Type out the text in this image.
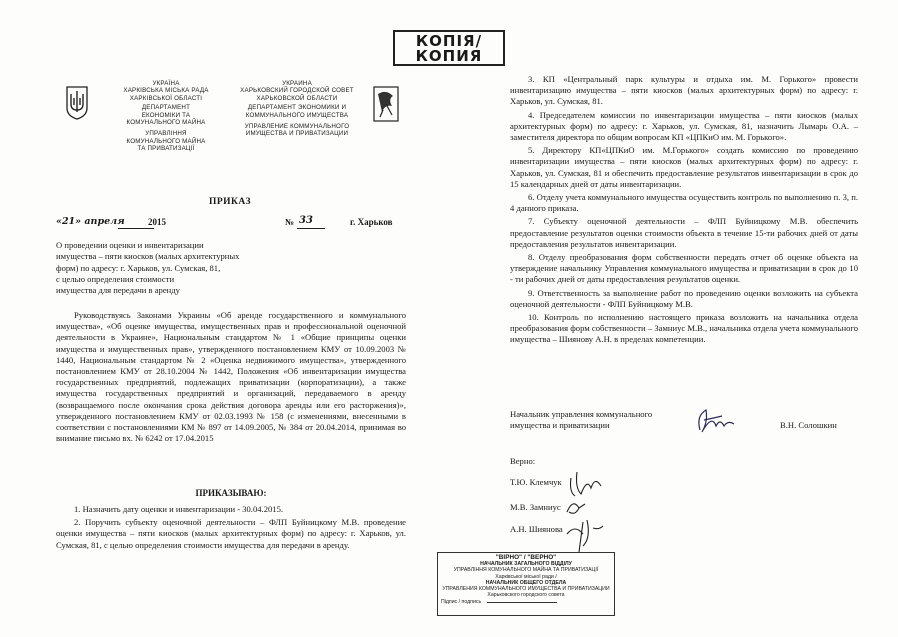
КОПІЯ/
КОПИЯ
УКРАЇНА
ХАРКІВСЬКА МІСЬКА РАДА
ХАРКІВСЬКОЇ ОБЛАСТІ
ДЕПАРТАМЕНТ
ЕКОНОМІКИ ТА
КОМУНАЛЬНОГО МАЙНА
УПРАВЛІННЯ
КОМУНАЛЬНОГО МАЙНА
ТА ПРИВАТИЗАЦІЇ
УКРАИНА
ХАРЬКОВСКИЙ ГОРОДСКОЙ СОВЕТ
ХАРЬКОВСКОЙ ОБЛАСТИ
ДЕПАРТАМЕНТ ЭКОНОМИКИ И
КОММУНАЛЬНОГО ИМУЩЕСТВА
УПРАВЛЕНИЕ КОММУНАЛЬНОГО
ИМУЩЕСТВА И ПРИВАТИЗАЦИИ
ПРИКАЗ
«21» апреля	2015	№ 33	г. Харьков
О проведении оценки и инвентаризации
имущества – пяти киосков (малых архитектурных
форм) по адресу: г. Харьков, ул. Сумская, 81,
с целью определения стоимости
имущества для передачи в аренду
Руководствуясь Законами Украины «Об аренде государственного и коммунального имущества», «Об оценке имущества, имущественных прав и профессиональной оценочной деятельности в Украине», Национальным стандартом № 1 «Общие принципы оценки имущества и имущественных прав», утвержденного постановлением КМУ от 10.09.2003 № 1440, Национальным стандартом № 2 «Оценка недвижимого имущества», утвержденного постановлением КМУ от 28.10.2004 № 1442, Положения «Об инвентаризации имущества государственных предприятий, подлежащих приватизации (корпоратизации), а также имущества государственных предприятий и организаций, передаваемого в аренду (возвращаемого после окончания срока действия договора аренды или его расторжения)», утвержденного постановлением КМУ от 02.03.1993 № 158 (с изменениями, внесенными в соответствии с постановлениями КМ № 897 от 14.09.2005, № 384 от 20.04.2014, принимая во внимание письмо вх. № 6242 от 17.04.2015
ПРИКАЗЫВАЮ:
1. Назначить дату оценки и инвентаризации - 30.04.2015.
2. Поручить субъекту оценочной деятельности – ФЛП Буйницкому М.В. проведение оценки имущества – пяти киосков (малых архитектурных форм) по адресу: г. Харьков, ул. Сумская, 81, с целью определения стоимости имущества для передачи в аренду.
3. КП «Центральный парк культуры и отдыха им. М. Горького» провести инвентаризацию имущества – пяти киосков (малых архитектурных форм) по адресу: г. Харьков, ул. Сумская, 81.
4. Председателем комиссии по инвентаризации имущества – пяти киосков (малых архитектурных форм) по адресу: г. Харьков, ул. Сумская, 81, назначить Лымарь О.А. – заместителя директора по общим вопросам КП «ЦПКиО им. М. Горького».
5. Директору КП«ЦПКиО им. М.Горького» создать комиссию по проведению инвентаризации имущества – пяти киосков (малых архитектурных форм) по адресу: г. Харьков, ул. Сумская, 81 и обеспечить предоставление результатов инвентаризации в срок до 15 календарных дней от даты инвентаризации.
6. Отделу учета коммунального имущества осуществить контроль по выполнению п. 3, п. 4 данного приказа.
7. Субъекту оценочной деятельности – ФЛП Буйницкому М.В. обеспечить предоставление результатов оценки стоимости объекта в течение 15-ти рабочих дней от даты предоставления результатов инвентаризации.
8. Отделу преобразования форм собственности передать отчет об оценке объекта на утверждение начальнику Управления коммунального имущества и приватизации в срок до 10 - ти рабочих дней от даты предоставления результатов оценки.
9. Ответственность за выполнение работ по проведению оценки возложить на субъекта оценочной деятельности - ФЛП Буйницкому М.В.
10. Контроль по исполнению настоящего приказа возложить на начальника отдела преобразования форм собственности – Замниус М.В., начальника отдела учета коммунального имущества – Шиянову А.Н. в пределах компетенции.
Начальник управления коммунального
имущества и приватизации	В.Н. Солошкин
Верно:
Т.Ю. Клемчук
М.В. Замниус
А.Н. Шиянова
"ВІРНО" / "ВЕРНО"
НАЧАЛЬНИК ЗАГАЛЬНОГО ВІДДІЛУ
УПРАВЛІННЯ КОМУНАЛЬНОГО МАЙНА ТА ПРИВАТИЗАЦІЇ
Харківської міської ради /
НАЧАЛЬНИК ОБЩЕГО ОТДЕЛА
УПРАВЛЕНИЯ КОММУНАЛЬНОГО ИМУЩЕСТВА И ПРИВАТИЗАЦИИ
Харьковского городского совета
Підпис / подпись
